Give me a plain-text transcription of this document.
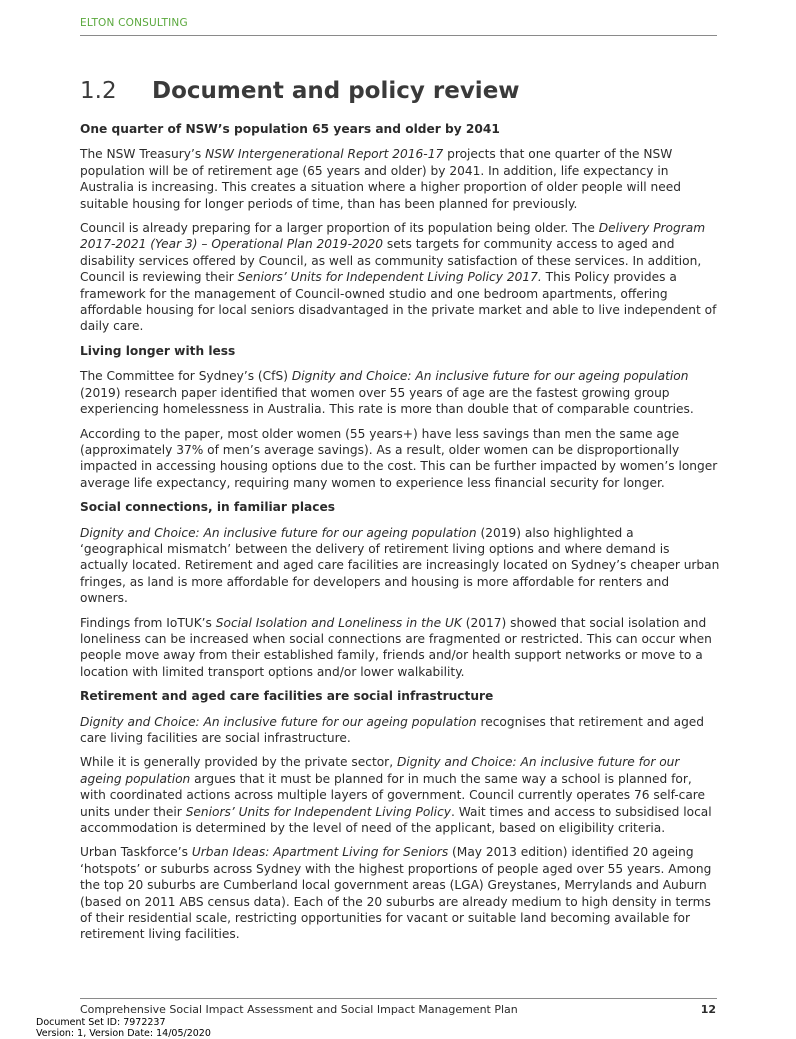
ELTON CONSULTING
1.2 Document and policy review
One quarter of NSW’s population 65 years and older by 2041

The NSW Treasury’s NSW Intergenerational Report 2016-17 projects that one quarter of the NSW population will be of retirement age (65 years and older) by 2041. In addition, life expectancy in Australia is increasing. This creates a situation where a higher proportion of older people will need suitable housing for longer periods of time, than has been planned for previously.

Council is already preparing for a larger proportion of its population being older. The Delivery Program 2017-2021 (Year 3) – Operational Plan 2019-2020 sets targets for community access to aged and disability services offered by Council, as well as community satisfaction of these services. In addition, Council is reviewing their Seniors’ Units for Independent Living Policy 2017. This Policy provides a framework for the management of Council-owned studio and one bedroom apartments, offering affordable housing for local seniors disadvantaged in the private market and able to live independent of daily care.

Living longer with less

The Committee for Sydney’s (CfS) Dignity and Choice: An inclusive future for our ageing population (2019) research paper identified that women over 55 years of age are the fastest growing group experiencing homelessness in Australia. This rate is more than double that of comparable countries.

According to the paper, most older women (55 years+) have less savings than men the same age (approximately 37% of men’s average savings). As a result, older women can be disproportionally impacted in accessing housing options due to the cost. This can be further impacted by women’s longer average life expectancy, requiring many women to experience less financial security for longer.

Social connections, in familiar places

Dignity and Choice: An inclusive future for our ageing population (2019) also highlighted a ‘geographical mismatch’ between the delivery of retirement living options and where demand is actually located. Retirement and aged care facilities are increasingly located on Sydney’s cheaper urban fringes, as land is more affordable for developers and housing is more affordable for renters and owners.

Findings from IoTUK’s Social Isolation and Loneliness in the UK (2017) showed that social isolation and loneliness can be increased when social connections are fragmented or restricted. This can occur when people move away from their established family, friends and/or health support networks or move to a location with limited transport options and/or lower walkability.

Retirement and aged care facilities are social infrastructure

Dignity and Choice: An inclusive future for our ageing population recognises that retirement and aged care living facilities are social infrastructure.

While it is generally provided by the private sector, Dignity and Choice: An inclusive future for our ageing population argues that it must be planned for in much the same way a school is planned for, with coordinated actions across multiple layers of government. Council currently operates 76 self-care units under their Seniors’ Units for Independent Living Policy. Wait times and access to subsidised local accommodation is determined by the level of need of the applicant, based on eligibility criteria.

Urban Taskforce’s Urban Ideas: Apartment Living for Seniors (May 2013 edition) identified 20 ageing ‘hotspots’ or suburbs across Sydney with the highest proportions of people aged over 55 years. Among the top 20 suburbs are Cumberland local government areas (LGA) Greystanes, Merrylands and Auburn (based on 2011 ABS census data). Each of the 20 suburbs are already medium to high density in terms of their residential scale, restricting opportunities for vacant or suitable land becoming available for retirement living facilities.

Comprehensive Social Impact Assessment and Social Impact Management Plan	12
Document Set ID: 7972237
Version: 1, Version Date: 14/05/2020
